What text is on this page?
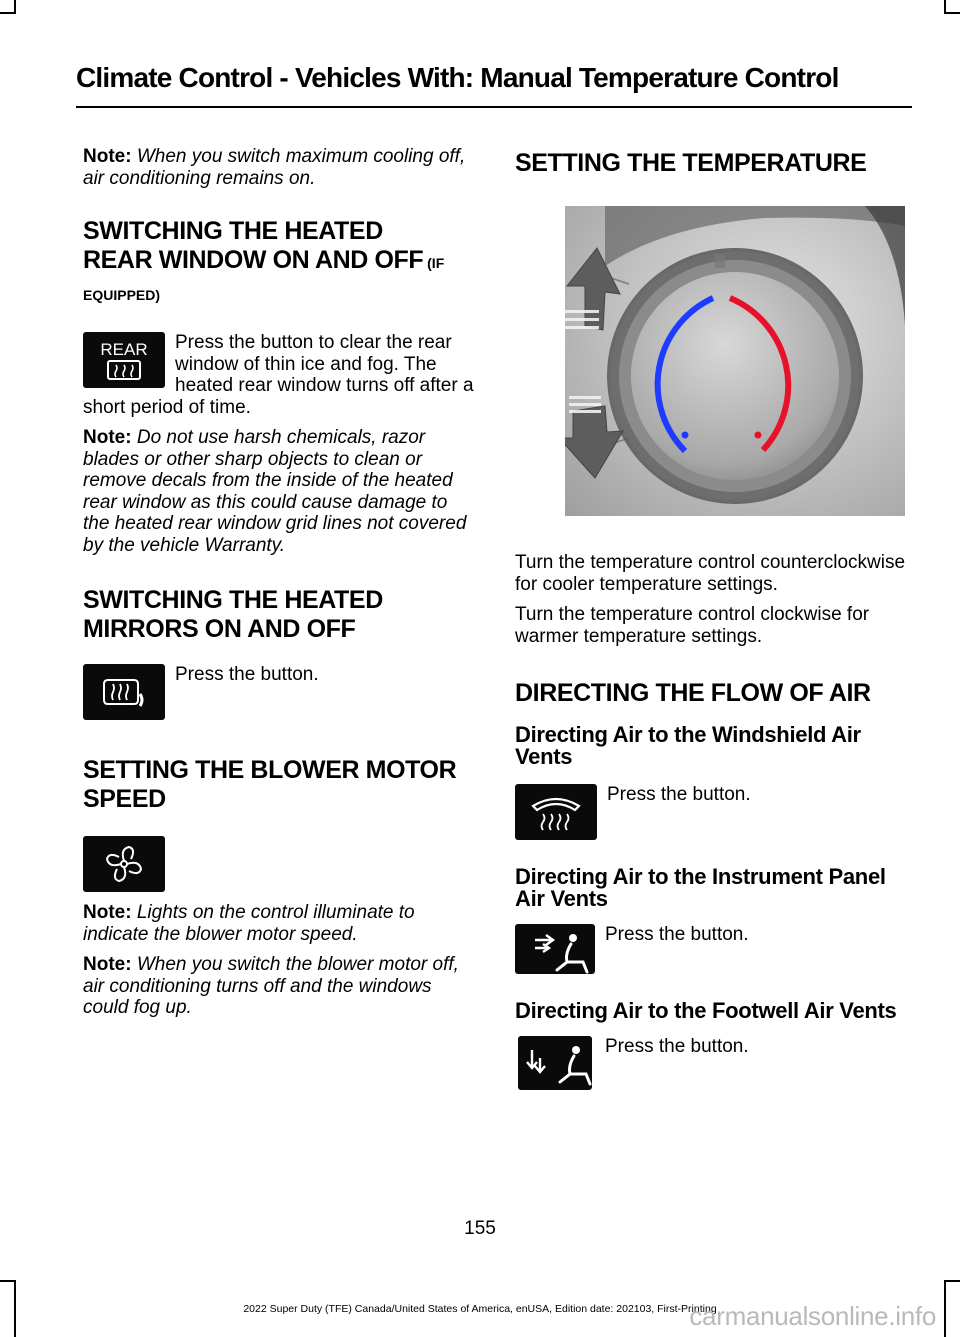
Climate Control - Vehicles With: Manual Temperature Control

Note: When you switch maximum cooling off, air conditioning remains on.

SWITCHING THE HEATED
REAR WINDOW ON AND OFF (IF EQUIPPED)
REAR	Press the button to clear the rear window of thin ice and fog. The heated rear window turns off after a short period of time.

Note: Do not use harsh chemicals, razor blades or other sharp objects to clean or remove decals from the inside of the heated rear window as this could cause damage to the heated rear window grid lines not covered by the vehicle Warranty.

SWITCHING THE HEATED
MIRRORS ON AND OFF

Press the button.

SETTING THE BLOWER MOTOR
SPEED

Note: Lights on the control illuminate to indicate the blower motor speed.

Note: When you switch the blower motor off, air conditioning turns off and the windows could fog up.

SETTING THE TEMPERATURE

Turn the temperature control counterclockwise for cooler temperature settings.

Turn the temperature control clockwise for warmer temperature settings.

DIRECTING THE FLOW OF AIR
Directing Air to the Windshield Air Vents

Press the button.

Directing Air to the Instrument Panel Air Vents

Press the button.

Directing Air to the Footwell Air Vents

Press the button.

155
2022 Super Duty (TFE) Canada/United States of America, enUSA, Edition date: 202103, First-Printing
carmanualsonline.info
